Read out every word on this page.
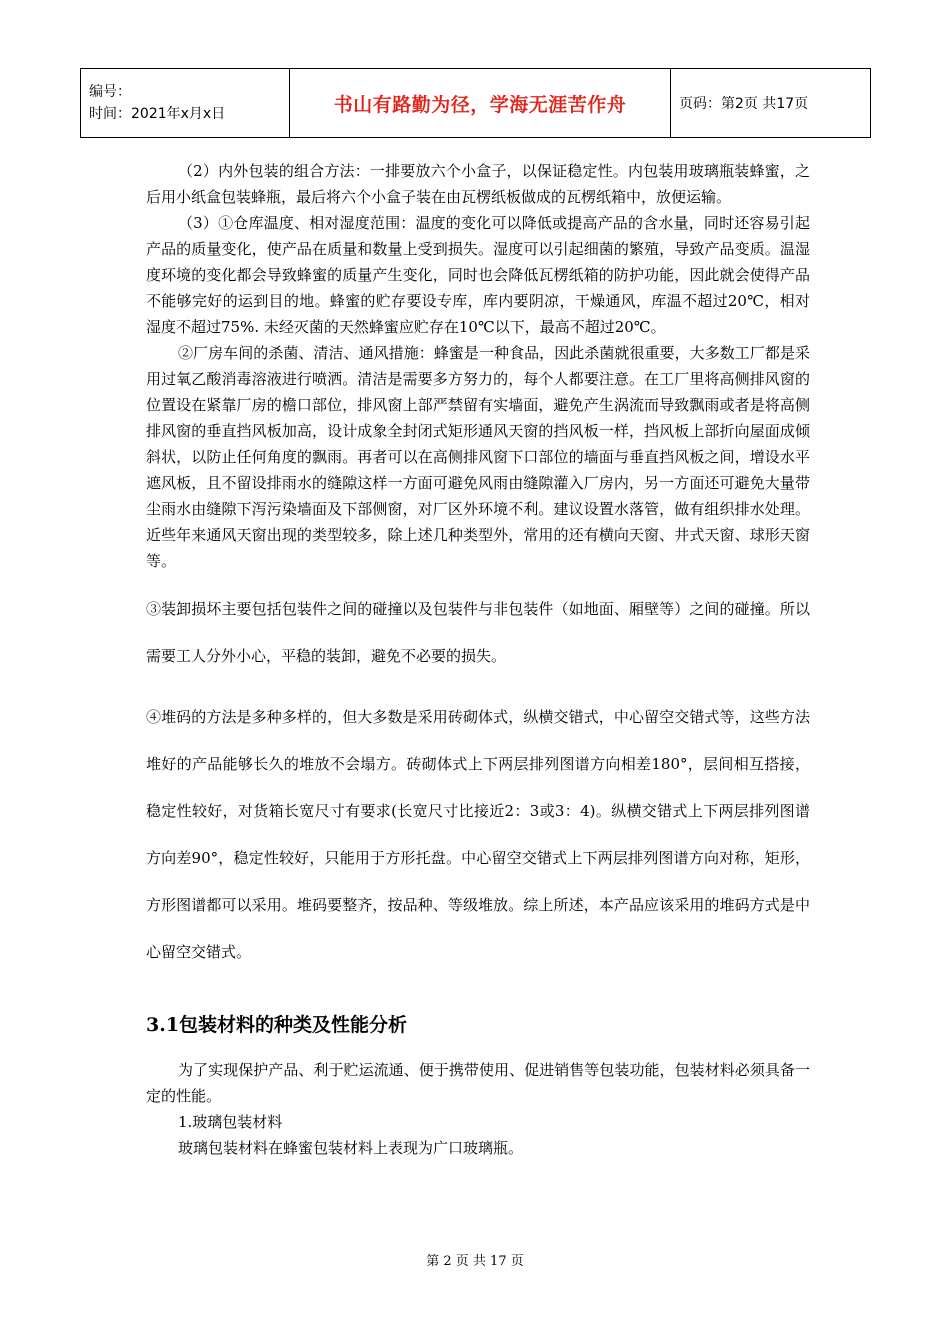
编号：
时间：2021年x月x日	书山有路勤为径，学海无涯苦作舟	页码：第2页 共17页

（2）内外包装的组合方法：一排要放六个小盒子，以保证稳定性。内包装用玻璃瓶装蜂蜜，之后用小纸盒包装蜂瓶，最后将六个小盒子装在由瓦楞纸板做成的瓦楞纸箱中，放便运输。

（3）①仓库温度、相对湿度范围：温度的变化可以降低或提高产品的含水量，同时还容易引起产品的质量变化，使产品在质量和数量上受到损失。湿度可以引起细菌的繁殖，导致产品变质。温湿度环境的变化都会导致蜂蜜的质量产生变化，同时也会降低瓦楞纸箱的防护功能，因此就会使得产品不能够完好的运到目的地。蜂蜜的贮存要设专库，库内要阴凉，干燥通风，库温不超过20℃，相对湿度不超过75%. 未经灭菌的天然蜂蜜应贮存在10℃以下，最高不超过20℃。

②厂房车间的杀菌、清洁、通风措施：蜂蜜是一种食品，因此杀菌就很重要，大多数工厂都是采用过氧乙酸消毒溶液进行喷洒。清洁是需要多方努力的，每个人都要注意。在工厂里将高侧排风窗的位置设在紧靠厂房的檐口部位，排风窗上部严禁留有实墙面，避免产生涡流而导致飘雨或者是将高侧排风窗的垂直挡风板加高，设计成象全封闭式矩形通风天窗的挡风板一样，挡风板上部折向屋面成倾斜状，以防止任何角度的飘雨。再者可以在高侧排风窗下口部位的墙面与垂直挡风板之间，增设水平遮风板，且不留设排雨水的缝隙这样一方面可避免风雨由缝隙灌入厂房内，另一方面还可避免大量带尘雨水由缝隙下泻污染墙面及下部侧窗，对厂区外环境不利。建议设置水落管，做有组织排水处理。近些年来通风天窗出现的类型较多，除上述几种类型外，常用的还有横向天窗、井式天窗、球形天窗等。

③装卸损坏主要包括包装件之间的碰撞以及包装件与非包装件（如地面、厢壁等）之间的碰撞。所以需要工人分外小心，平稳的装卸，避免不必要的损失。

④堆码的方法是多种多样的，但大多数是采用砖砌体式，纵横交错式，中心留空交错式等，这些方法堆好的产品能够长久的堆放不会塌方。砖砌体式上下两层排列图谱方向相差180°，层间相互搭接，稳定性较好，对货箱长宽尺寸有要求(长宽尺寸比接近2：3或3：4)。纵横交错式上下两层排列图谱方向差90°，稳定性较好，只能用于方形托盘。中心留空交错式上下两层排列图谱方向对称，矩形，方形图谱都可以采用。堆码要整齐，按品种、等级堆放。综上所述，本产品应该采用的堆码方式是中心留空交错式。

3.1包装材料的种类及性能分析

为了实现保护产品、利于贮运流通、便于携带使用、促进销售等包装功能，包装材料必须具备一定的性能。

1.玻璃包装材料

玻璃包装材料在蜂蜜包装材料上表现为广口玻璃瓶。

第 2 页 共 17 页
